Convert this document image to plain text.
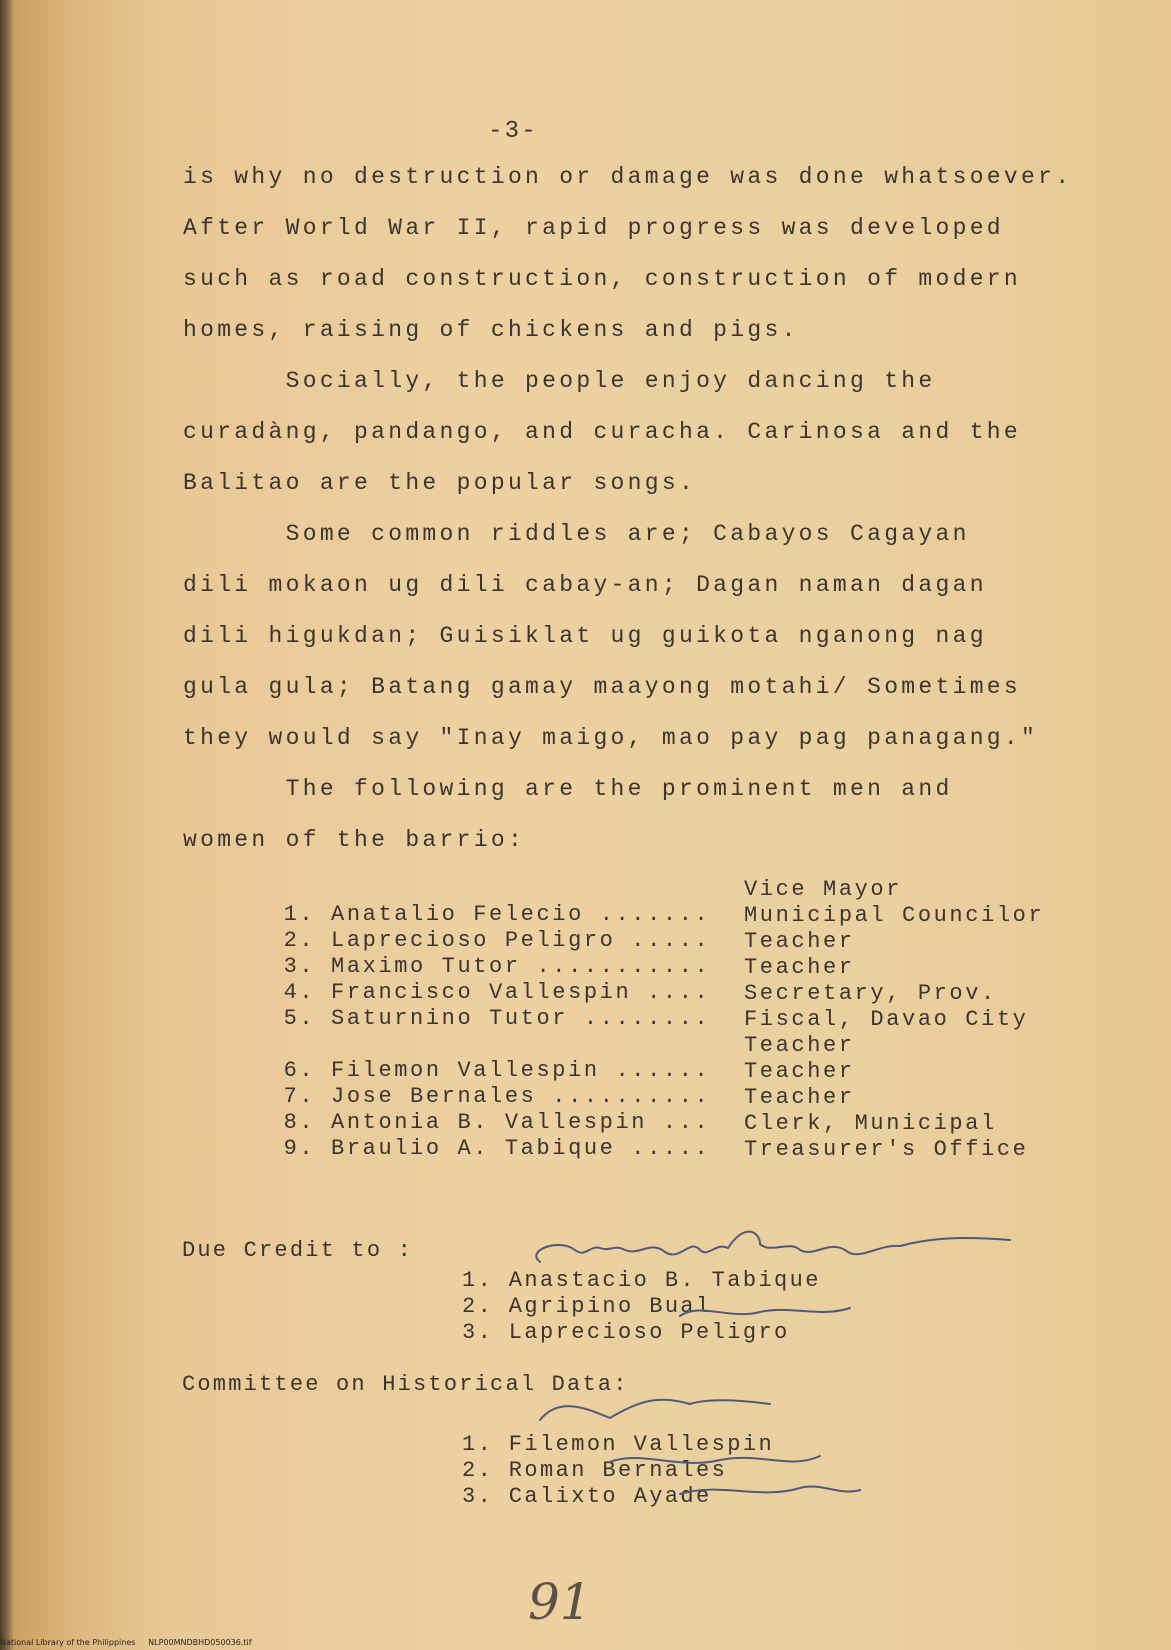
-3-
is why no destruction or damage was done whatsoever.
After World War II, rapid progress was developed
such as road construction, construction of modern
homes, raising of chickens and pigs.
Socially, the people enjoy dancing the
curadàng, pandango, and curacha. Carinosa and the
Balitao are the popular songs.
Some common riddles are; Cabayos Cagayan
dili mokaon ug dili cabay-an; Dagan naman dagan
dili higukdan; Guisiklat ug guikota nganong nag
gula gula; Batang gamay maayong motahi/ Sometimes
they would say "Inay maigo, mao pay pag panagang."
The following are the prominent men and
women of the barrio:

1. Anatalio Felecio .......

Vice Mayor

2. Laprecioso Peligro .....

Municipal Councilor

3. Maximo Tutor ...........

Teacher

4. Francisco Vallespin ....

Teacher

5. Saturnino Tutor ........

Secretary, Prov.

Fiscal, Davao City

6. Filemon Vallespin ......

Teacher

7. Jose Bernales ..........

Teacher

8. Antonia B. Vallespin ...

Teacher

9. Braulio A. Tabique .....

Clerk, Municipal

Treasurer's Office
Due Credit to :
1. Anastacio B. Tabique
2. Agripino Bual
3. Laprecioso Peligro
Committee on Historical Data:
1. Filemon Vallespin
2. Roman Bernales
3. Calixto Ayade
91
National Library of the Philippines     NLP00MNDBHD050036.tif
